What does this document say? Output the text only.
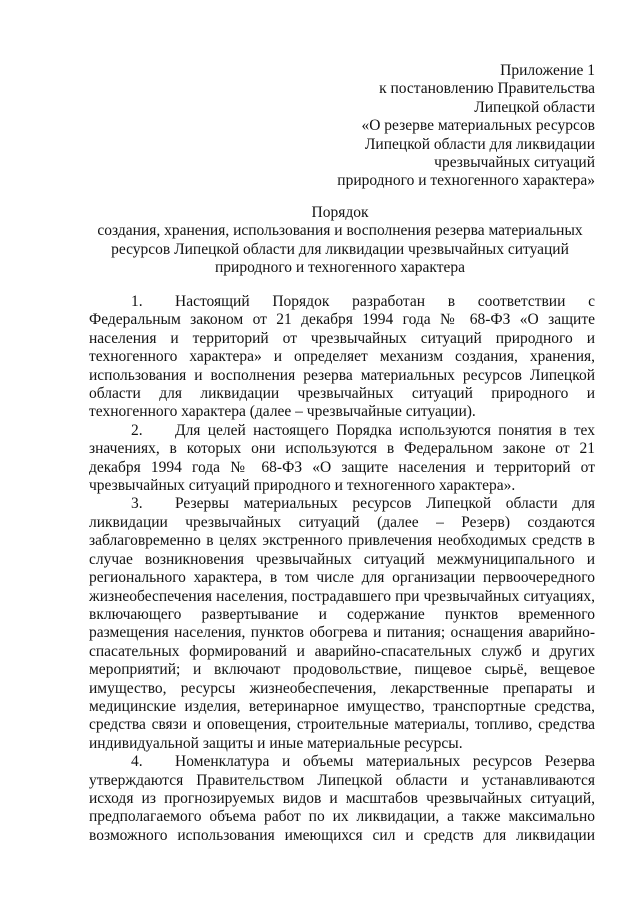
Приложение 1
к постановлению Правительства
Липецкой области
«О резерве материальных ресурсов
Липецкой области для ликвидации
чрезвычайных ситуаций
природного и техногенного характера»
Порядок
создания, хранения, использования и восполнения резерва материальных
ресурсов Липецкой области для ликвидации чрезвычайных ситуаций
природного и техногенного характера

1. Настоящий Порядок разработан в соответствии с Федеральным законом от 21 декабря 1994 года № 68-ФЗ «О защите населения и территорий от чрезвычайных ситуаций природного и техногенного характера» и определяет механизм создания, хранения, использования и восполнения резерва материальных ресурсов Липецкой области для ликвидации чрезвычайных ситуаций природного и техногенного характера (далее – чрезвычайные ситуации).

2. Для целей настоящего Порядка используются понятия в тех значениях, в которых они используются в Федеральном законе от 21 декабря 1994 года № 68-ФЗ «О защите населения и территорий от чрезвычайных ситуаций природного и техногенного характера».

3. Резервы материальных ресурсов Липецкой области для ликвидации чрезвычайных ситуаций (далее – Резерв) создаются заблаговременно в целях экстренного привлечения необходимых средств в случае возникновения чрезвычайных ситуаций межмуниципального и регионального характера, в том числе для организации первоочередного жизнеобеспечения населения, пострадавшего при чрезвычайных ситуациях, включающего развертывание и содержание пунктов временного размещения населения, пунктов обогрева и питания; оснащения аварийно-спасательных формирований и аварийно-спасательных служб и других мероприятий; и включают продовольствие, пищевое сырьё, вещевое имущество, ресурсы жизнеобеспечения, лекарственные препараты и медицинские изделия, ветеринарное имущество, транспортные средства, средства связи и оповещения, строительные материалы, топливо, средства индивидуальной защиты и иные материальные ресурсы.

4. Номенклатура и объемы материальных ресурсов Резерва утверждаются Правительством Липецкой области и устанавливаются исходя из прогнозируемых видов и масштабов чрезвычайных ситуаций, предполагаемого объема работ по их ликвидации, а также максимально возможного использования имеющихся сил и средств для ликвидации
